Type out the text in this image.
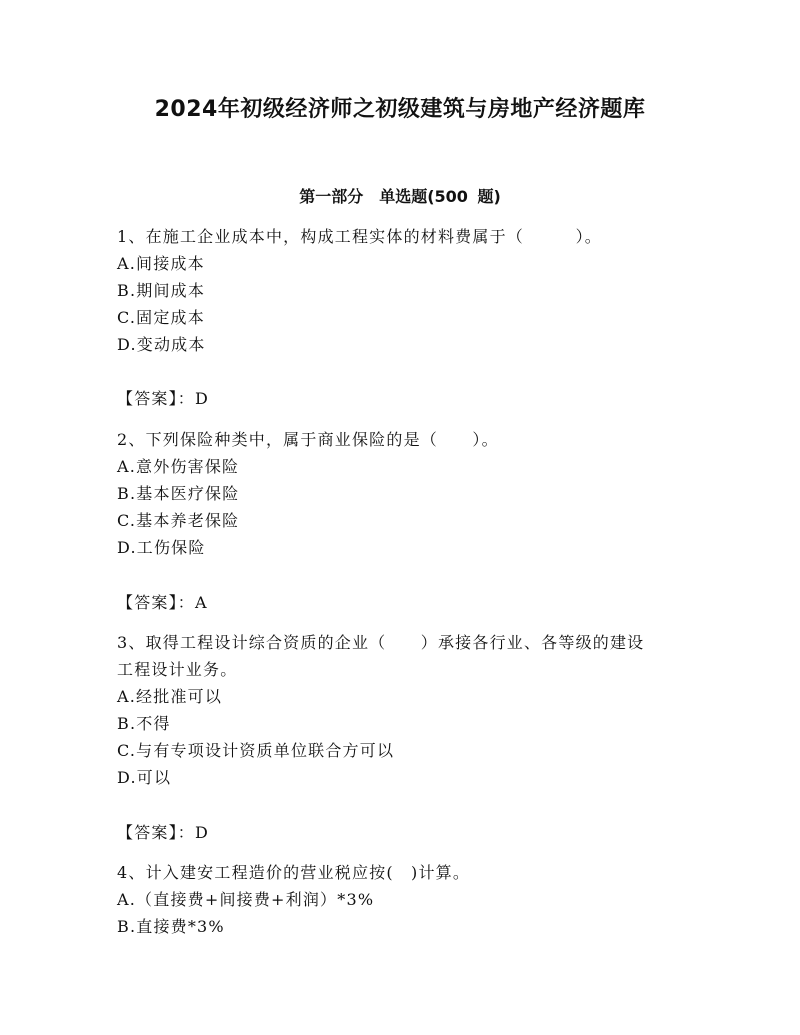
2024年初级经济师之初级建筑与房地产经济题库
第一部分　单选题(500 题)
1、在施工企业成本中，构成工程实体的材料费属于（　　　）。
A.间接成本
B.期间成本
C.固定成本
D.变动成本
【答案】：D
2、下列保险种类中，属于商业保险的是（　　）。
A.意外伤害保险
B.基本医疗保险
C.基本养老保险
D.工伤保险
【答案】：A
3、取得工程设计综合资质的企业（　　）承接各行业、各等级的建设
工程设计业务。
A.经批准可以
B.不得
C.与有专项设计资质单位联合方可以
D.可以
【答案】：D
4、计入建安工程造价的营业税应按(　)计算。
A.（直接费+间接费+利润）*3%
B.直接费*3%
